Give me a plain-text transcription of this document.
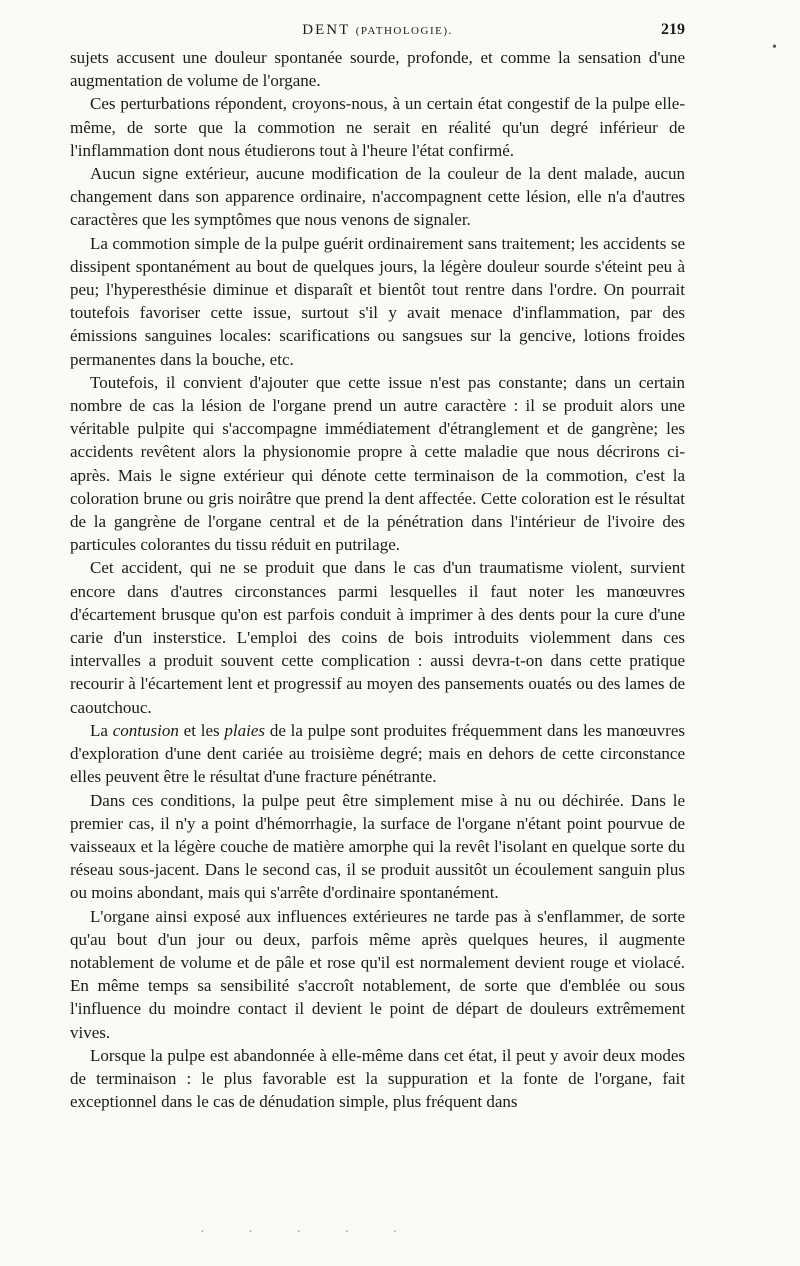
DENT (PATHOLOGIE).	219

sujets accusent une douleur spontanée sourde, profonde, et comme la sensation d'une augmentation de volume de l'organe.

Ces perturbations répondent, croyons-nous, à un certain état congestif de la pulpe elle-même, de sorte que la commotion ne serait en réalité qu'un degré inférieur de l'inflammation dont nous étudierons tout à l'heure l'état confirmé.

Aucun signe extérieur, aucune modification de la couleur de la dent malade, aucun changement dans son apparence ordinaire, n'accompagnent cette lésion, elle n'a d'autres caractères que les symptômes que nous venons de signaler.

La commotion simple de la pulpe guérit ordinairement sans traitement; les accidents se dissipent spontanément au bout de quelques jours, la légère douleur sourde s'éteint peu à peu; l'hyperesthésie diminue et disparaît et bientôt tout rentre dans l'ordre. On pourrait toutefois favoriser cette issue, surtout s'il y avait menace d'inflammation, par des émissions sanguines locales: scarifications ou sangsues sur la gencive, lotions froides permanentes dans la bouche, etc.

Toutefois, il convient d'ajouter que cette issue n'est pas constante; dans un certain nombre de cas la lésion de l'organe prend un autre caractère : il se produit alors une véritable pulpite qui s'accompagne immédiatement d'étranglement et de gangrène; les accidents revêtent alors la physionomie propre à cette maladie que nous décrirons ci-après. Mais le signe extérieur qui dénote cette terminaison de la commotion, c'est la coloration brune ou gris noirâtre que prend la dent affectée. Cette coloration est le résultat de la gangrène de l'organe central et de la pénétration dans l'intérieur de l'ivoire des particules colorantes du tissu réduit en putrilage.

Cet accident, qui ne se produit que dans le cas d'un traumatisme violent, survient encore dans d'autres circonstances parmi lesquelles il faut noter les manœuvres d'écartement brusque qu'on est parfois conduit à imprimer à des dents pour la cure d'une carie d'un insterstice. L'emploi des coins de bois introduits violemment dans ces intervalles a produit souvent cette complication : aussi devra-t-on dans cette pratique recourir à l'écartement lent et progressif au moyen des pansements ouatés ou des lames de caoutchouc.

La contusion et les plaies de la pulpe sont produites fréquemment dans les manœuvres d'exploration d'une dent cariée au troisième degré; mais en dehors de cette circonstance elles peuvent être le résultat d'une fracture pénétrante.

Dans ces conditions, la pulpe peut être simplement mise à nu ou déchirée. Dans le premier cas, il n'y a point d'hémorrhagie, la surface de l'organe n'étant point pourvue de vaisseaux et la légère couche de matière amorphe qui la revêt l'isolant en quelque sorte du réseau sous-jacent. Dans le second cas, il se produit aussitôt un écoulement sanguin plus ou moins abondant, mais qui s'arrête d'ordinaire spontanément.

L'organe ainsi exposé aux influences extérieures ne tarde pas à s'enflammer, de sorte qu'au bout d'un jour ou deux, parfois même après quelques heures, il augmente notablement de volume et de pâle et rose qu'il est normalement devient rouge et violacé. En même temps sa sensibilité s'accroît notablement, de sorte que d'emblée ou sous l'influence du moindre contact il devient le point de départ de douleurs extrêmement vives.

Lorsque la pulpe est abandonnée à elle-même dans cet état, il peut y avoir deux modes de terminaison : le plus favorable est la suppuration et la fonte de l'organe, fait exceptionnel dans le cas de dénudation simple, plus fréquent dans

•
· · · · ·
